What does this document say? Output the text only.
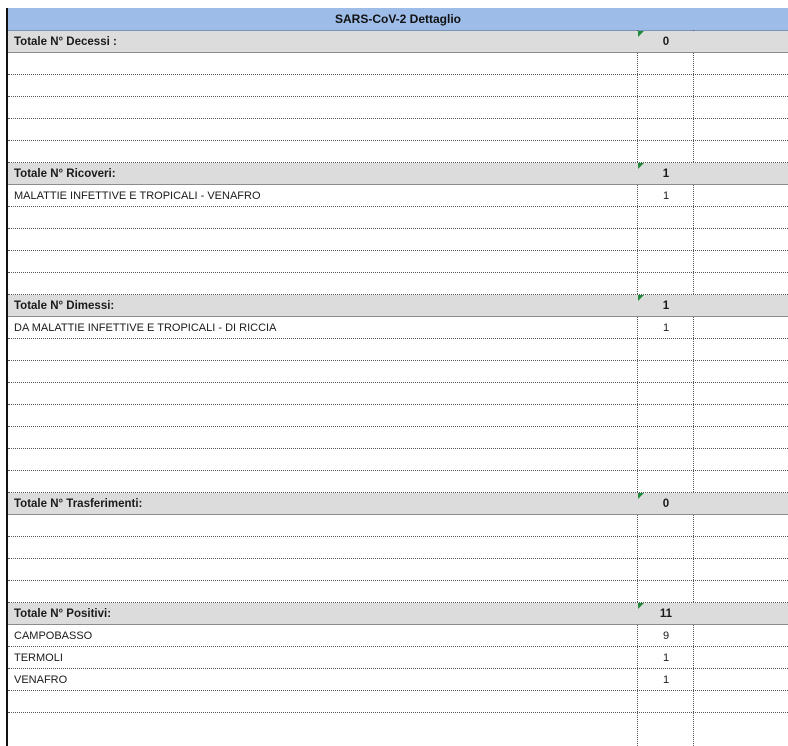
SARS-CoV-2 Dettaglio
Totale N° Decessi :	0
Totale N° Ricoveri:	1
MALATTIE INFETTIVE E TROPICALI - VENAFRO	1
Totale N° Dimessi:	1
DA MALATTIE INFETTIVE E TROPICALI - DI RICCIA	1
Totale N° Trasferimenti:	0
Totale N° Positivi:	11
CAMPOBASSO	9
TERMOLI	1
VENAFRO	1
